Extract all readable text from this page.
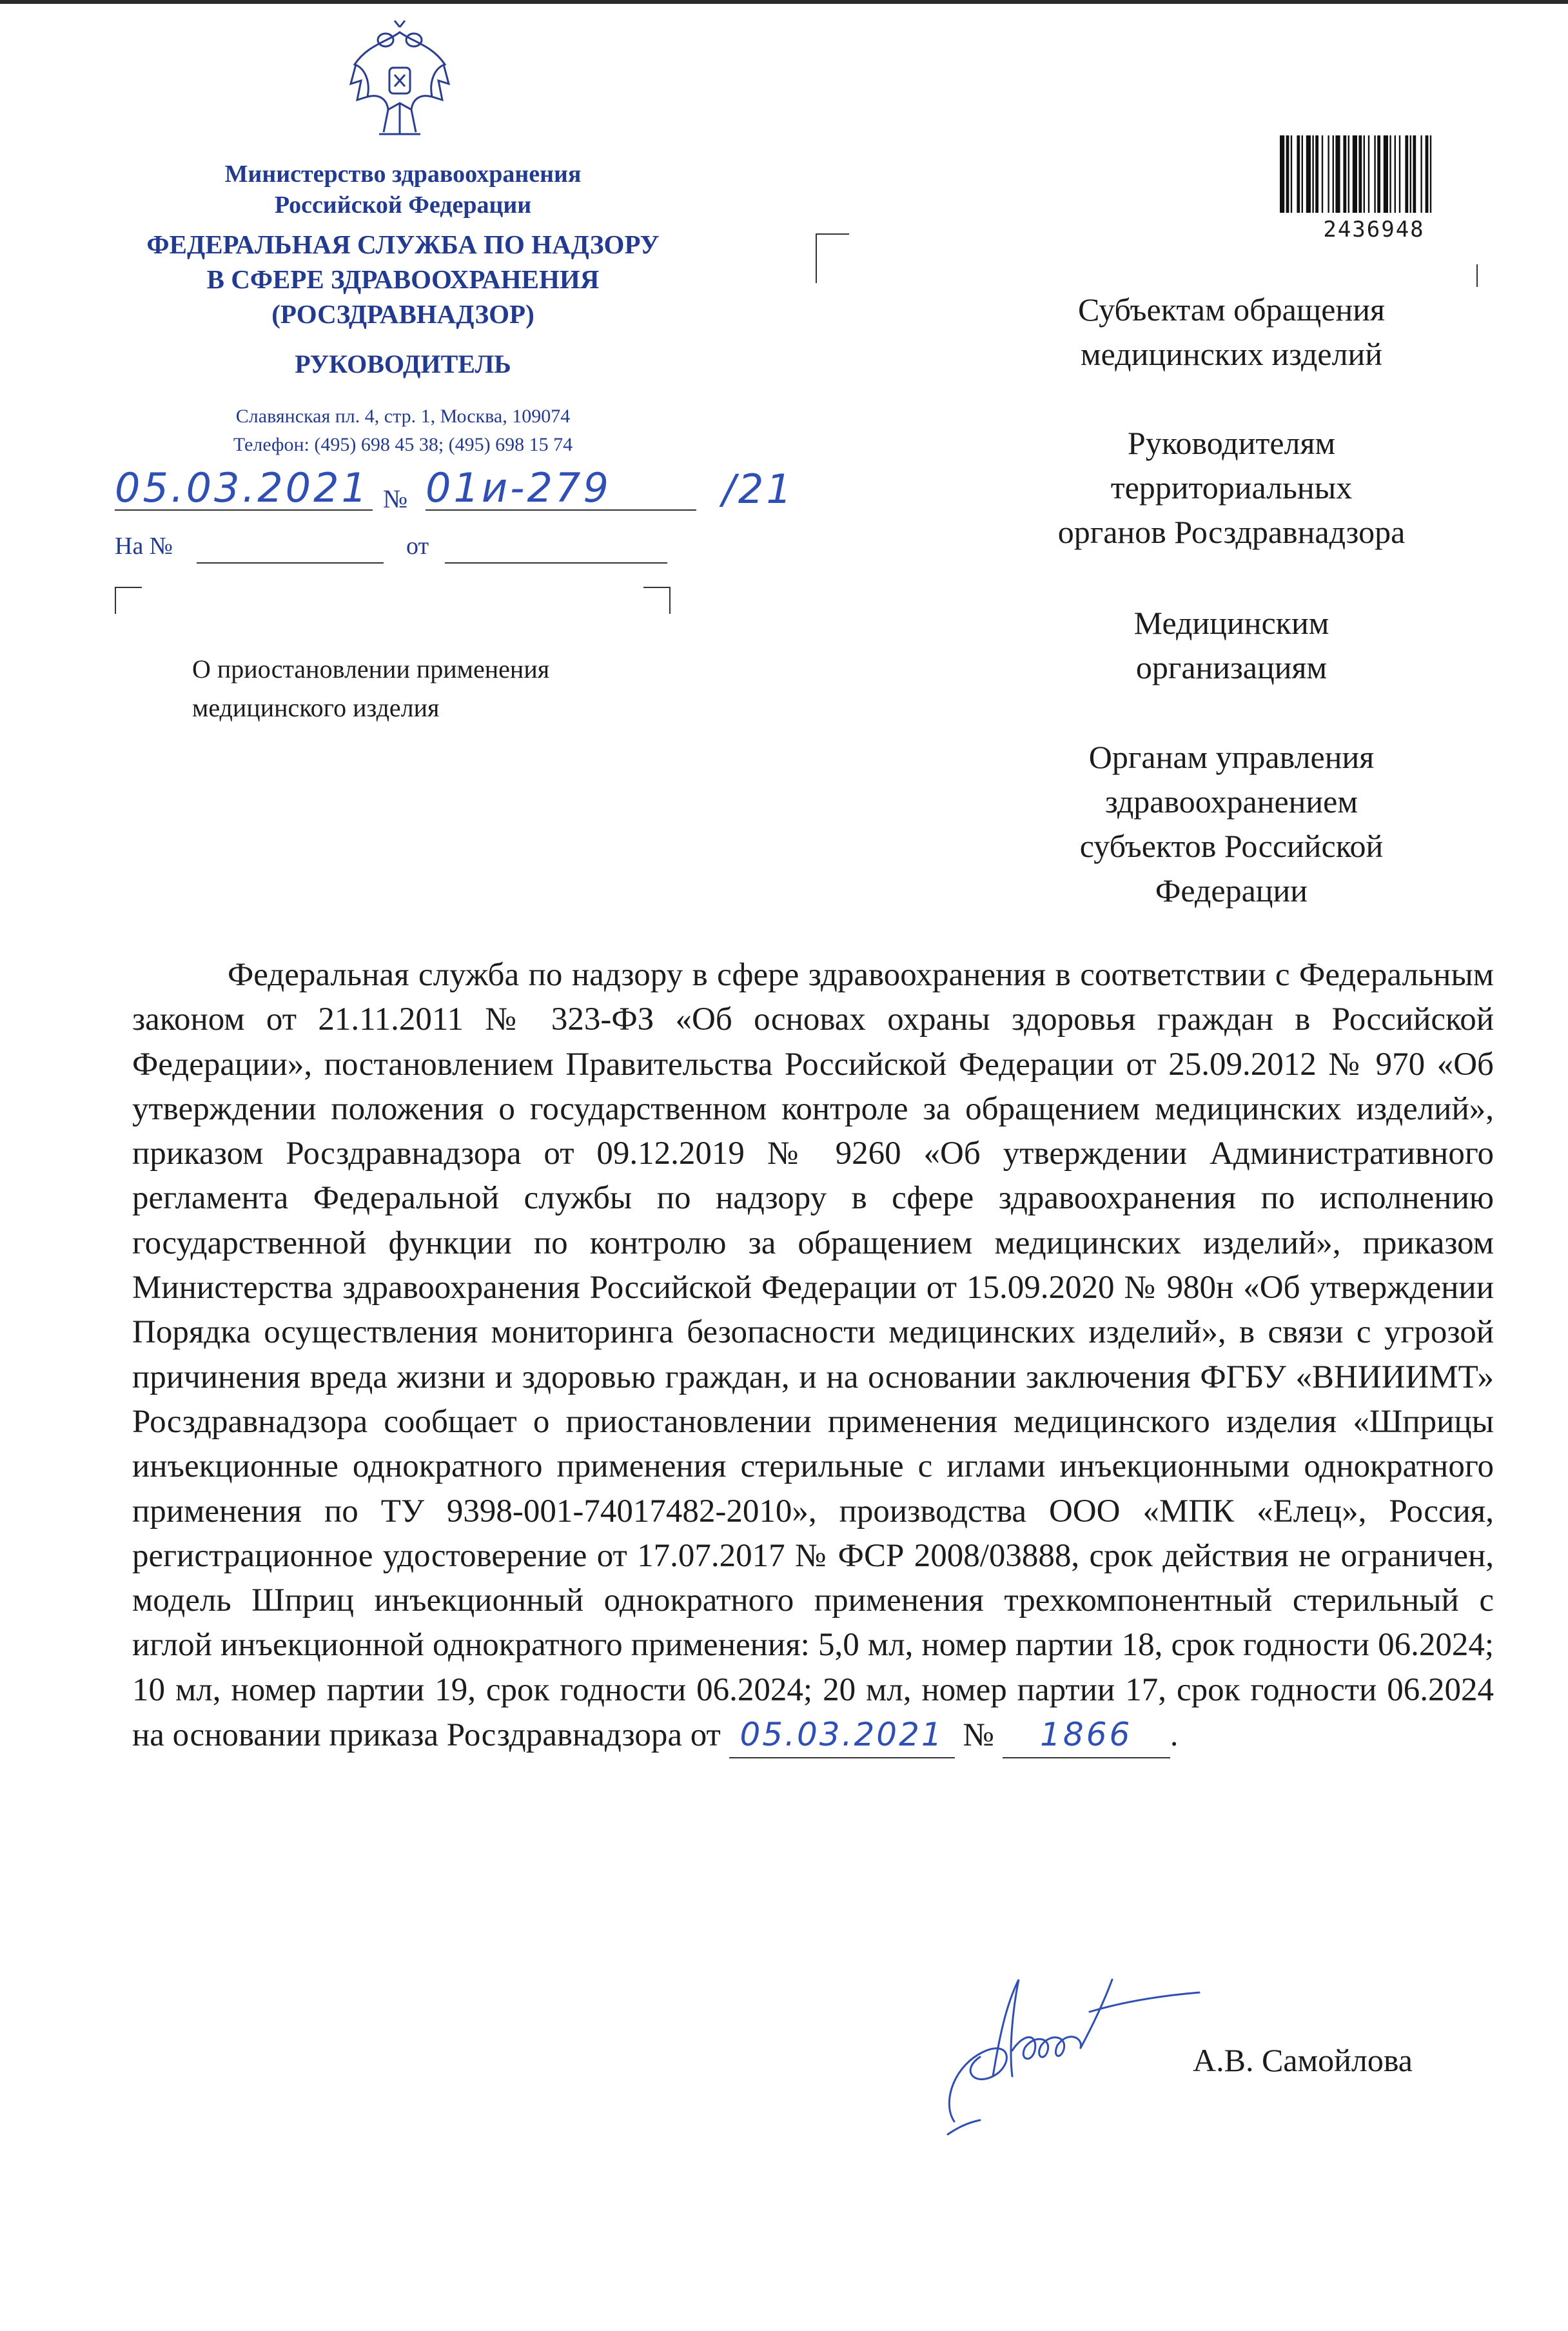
Министерство здравоохранения
Российской Федерации
ФЕДЕРАЛЬНАЯ СЛУЖБА ПО НАДЗОРУ
В СФЕРЕ ЗДРАВООХРАНЕНИЯ
(РОСЗДРАВНАДЗОР)
РУКОВОДИТЕЛЬ
Славянская пл. 4, стр. 1, Москва, 109074
Телефон: (495) 698 45 38; (495) 698 15 74
05.03.2021 № 01и-279	/21
На №	от
О приостановлении применения
медицинского изделия
2436948
Субъектам обращения
медицинских изделий
Руководителям
территориальных
органов Росздравнадзора
Медицинским
организациям
Органам управления
здравоохранением
субъектов Российской
Федерации
Федеральная служба по надзору в сфере здравоохранения в соответствии с Федеральным законом от 21.11.2011 № 323-ФЗ «Об основах охраны здоровья граждан в Российской Федерации», постановлением Правительства Российской Федерации от 25.09.2012 № 970 «Об утверждении положения о государственном контроле за обращением медицинских изделий», приказом Росздравнадзора от 09.12.2019 № 9260 «Об утверждении Административного регламента Федеральной службы по надзору в сфере здравоохранения по исполнению государственной функции по контролю за обращением медицинских изделий», приказом Министерства здравоохранения Российской Федерации от 15.09.2020 № 980н «Об утверждении Порядка осуществления мониторинга безопасности медицинских изделий», в связи с угрозой причинения вреда жизни и здоровью граждан, и на основании заключения ФГБУ «ВНИИИМТ» Росздравнадзора сообщает о приостановлении применения медицинского изделия «Шприцы инъекционные однократного применения стерильные с иглами инъекционными однократного применения по ТУ 9398-001-74017482-2010», производства ООО «МПК «Елец», Россия, регистрационное удостоверение от 17.07.2017 № ФСР 2008/03888, срок действия не ограничен, модель Шприц инъекционный однократного применения трехкомпонентный стерильный с иглой инъекционной однократного применения: 5,0 мл, номер партии 18, срок годности 06.2024; 10 мл, номер партии 19, срок годности 06.2024; 20 мл, номер партии 17, срок годности 06.2024 на основании приказа Росздравнадзора от 05.03.2021 № 1866 .
А.В. Самойлова
